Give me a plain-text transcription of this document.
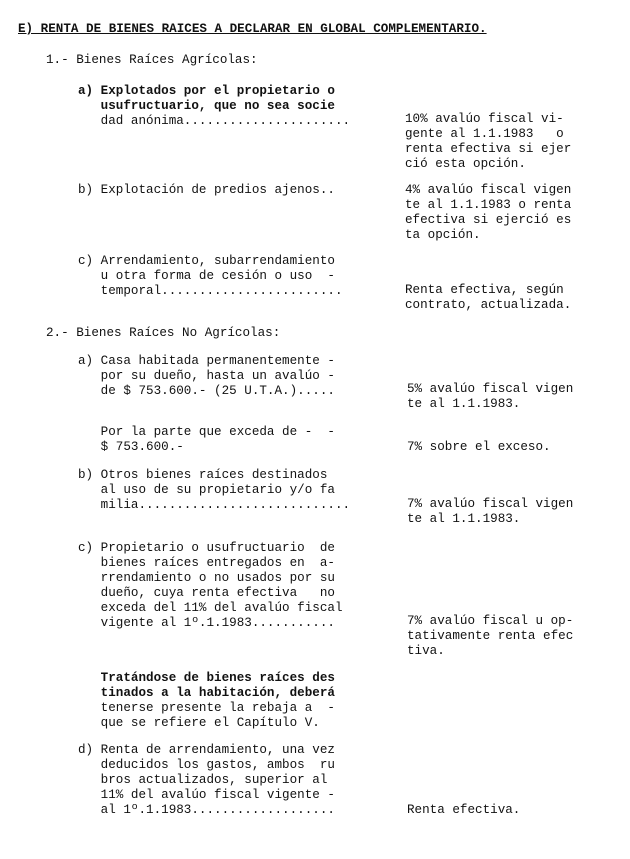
E) RENTA DE BIENES RAICES A DECLARAR EN GLOBAL COMPLEMENTARIO.
1.- Bienes Raíces Agrícolas:
a) Explotados por el propietario o
usufructuario, que no sea socie
dad anónima......................	10% avalúo fiscal vi-
gente al 1.1.1983   o
renta efectiva si ejer
ció esta opción.
b) Explotación de predios ajenos..	4% avalúo fiscal vigen
te al 1.1.1983 o renta
efectiva si ejerció es
ta opción.
c) Arrendamiento, subarrendamiento
u otra forma de cesión o uso  -
temporal........................	Renta efectiva, según
contrato, actualizada.
2.- Bienes Raíces No Agrícolas:
a) Casa habitada permanentemente -
por su dueño, hasta un avalúo -
de $ 753.600.- (25 U.T.A.).....	5% avalúo fiscal vigen
te al 1.1.1983.
Por la parte que exceda de -  -
$ 753.600.-	7% sobre el exceso.
b) Otros bienes raíces destinados
al uso de su propietario y/o fa
milia............................	7% avalúo fiscal vigen
te al 1.1.1983.
c) Propietario o usufructuario  de
bienes raíces entregados en  a-
rrendamiento o no usados por su
dueño, cuya renta efectiva   no
exceda del 11% del avalúo fiscal
vigente al 1º.1.1983...........	7% avalúo fiscal u op-
tativamente renta efec
tiva.
Tratándose de bienes raíces des
tinados a la habitación, deberá
tenerse presente la rebaja a  -
que se refiere el Capítulo V.
d) Renta de arrendamiento, una vez
deducidos los gastos, ambos  ru
bros actualizados, superior al
11% del avalúo fiscal vigente -
al 1º.1.1983...................	Renta efectiva.
